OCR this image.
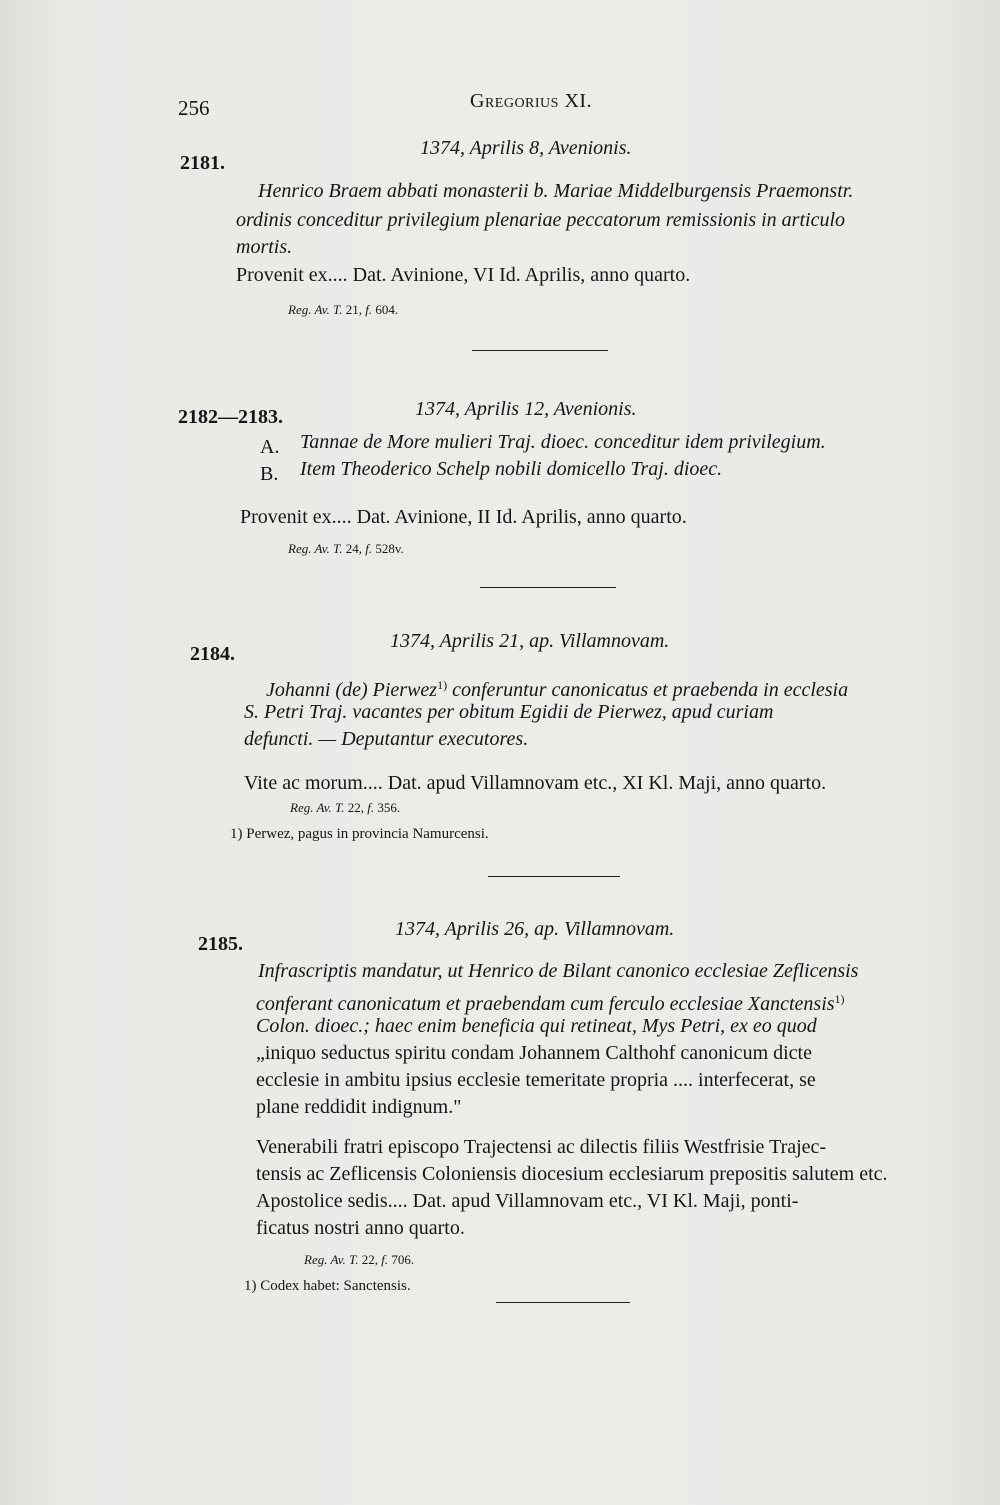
256	Gregorius XI.
2181.
1374, Aprilis 8, Avenionis.
Henrico Braem abbati monasterii b. Mariae Middelburgensis Praemonstr.
ordinis conceditur privilegium plenariae peccatorum remissionis in articulo
mortis.
Provenit ex.... Dat. Avinione, VI Id. Aprilis, anno quarto.
Reg. Av. T. 21, f. 604.
2182—2183.	1374, Aprilis 12, Avenionis.
A. Tannae de More mulieri Traj. dioec. conceditur idem privilegium.
B. Item Theoderico Schelp nobili domicello Traj. dioec.
Provenit ex.... Dat. Avinione, II Id. Aprilis, anno quarto.
Reg. Av. T. 24, f. 528v.
2184.
1374, Aprilis 21, ap. Villamnovam.
Johanni (de) Pierwez$^{1)}$ conferuntur canonicatus et praebenda in ecclesia
S. Petri Traj. vacantes per obitum Egidii de Pierwez, apud curiam
defuncti. — Deputantur executores.
Vite ac morum.... Dat. apud Villamnovam etc., XI Kl. Maji, anno quarto.
Reg. Av. T. 22, f. 356.
1) Perwez, pagus in provincia Namurcensi.
2185.
1374, Aprilis 26, ap. Villamnovam.
Infrascriptis mandatur, ut Henrico de Bilant canonico ecclesiae Zeflicensis
conferant canonicatum et praebendam cum ferculo ecclesiae Xanctensis$^{1)}$
Colon. dioec.; haec enim beneficia qui retineat, Mys Petri, ex eo quod
„iniquo seductus spiritu condam Johannem Calthohf canonicum dicte
ecclesie in ambitu ipsius ecclesie temeritate propria .... interfecerat, se
plane reddidit indignum."
Venerabili fratri episcopo Trajectensi ac dilectis filiis Westfrisie Trajec-
tensis ac Zeflicensis Coloniensis diocesium ecclesiarum prepositis salutem etc.
Apostolice sedis.... Dat. apud Villamnovam etc., VI Kl. Maji, ponti-
ficatus nostri anno quarto.
Reg. Av. T. 22, f. 706.
1) Codex habet: Sanctensis.
